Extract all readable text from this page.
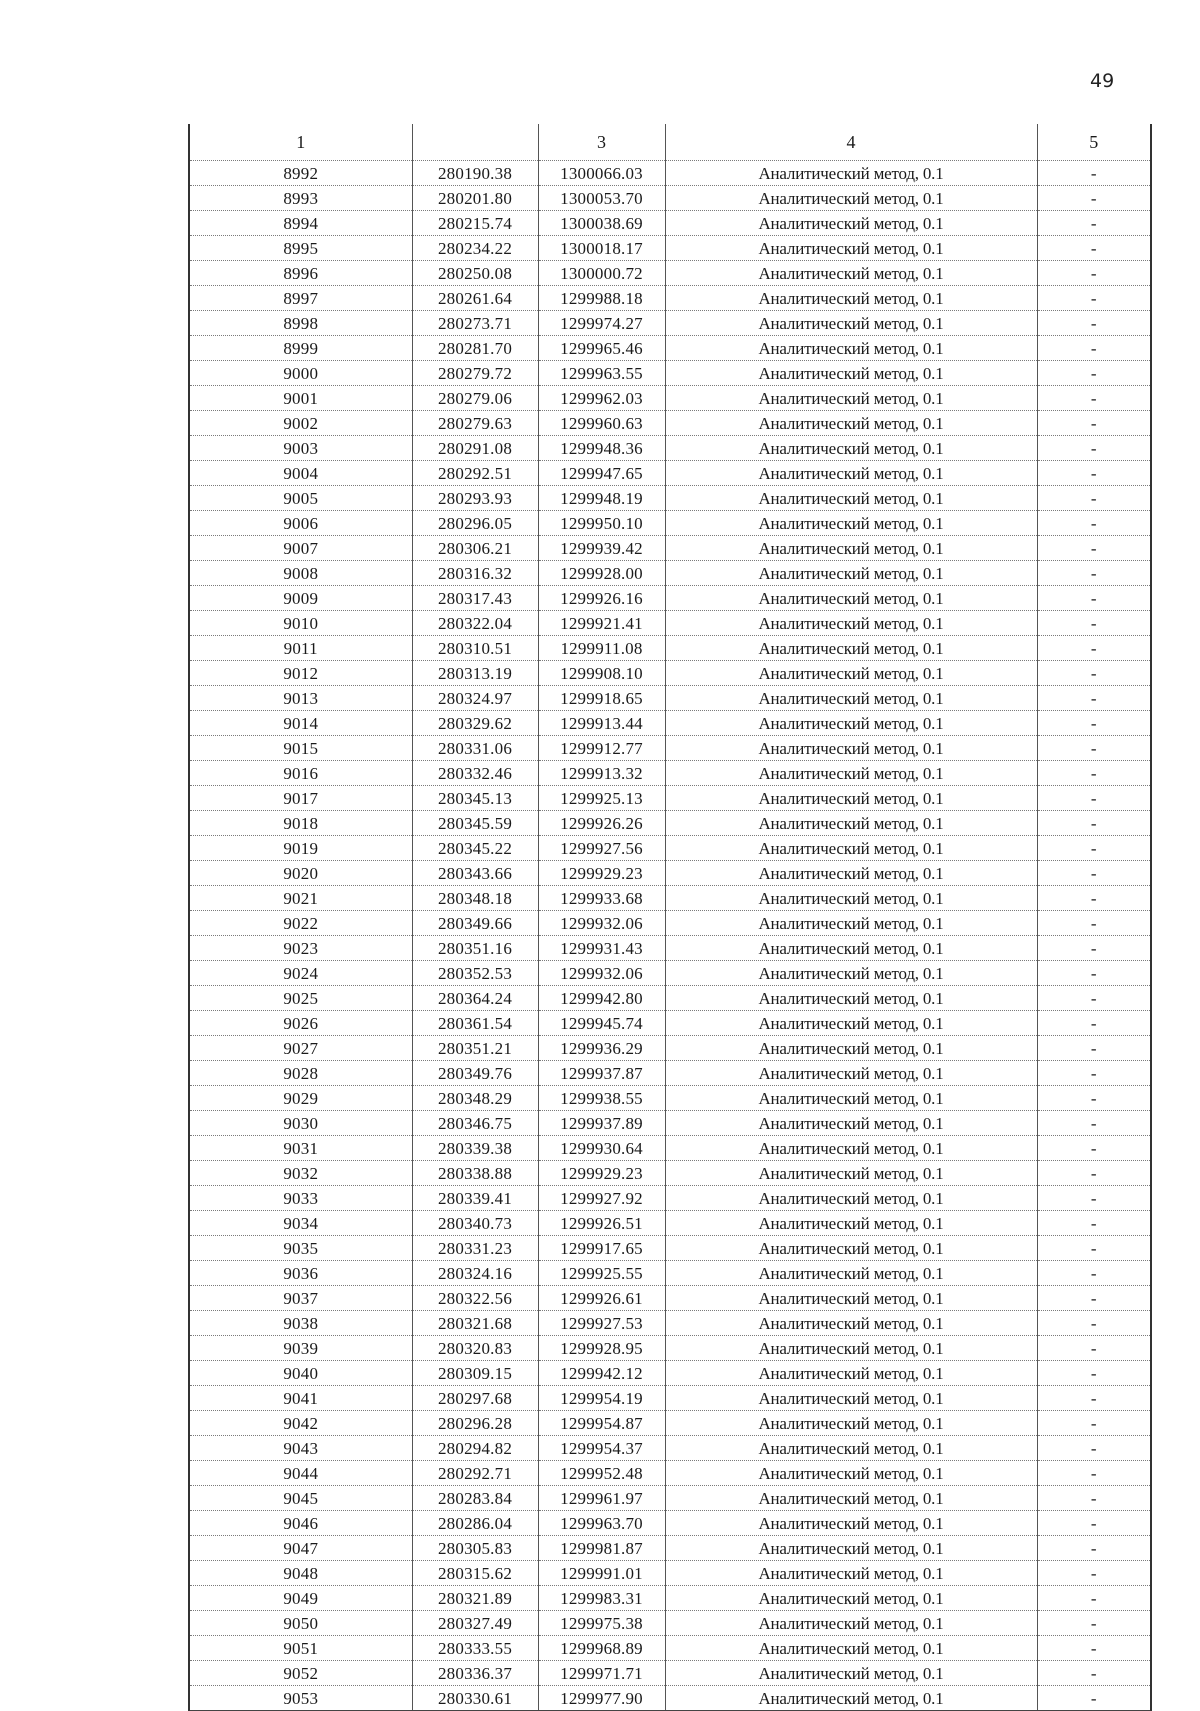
49
1		3	4	5
8992	280190.38	1300066.03	Аналитический метод, 0.1	-
8993	280201.80	1300053.70	Аналитический метод, 0.1	-
8994	280215.74	1300038.69	Аналитический метод, 0.1	-
8995	280234.22	1300018.17	Аналитический метод, 0.1	-
8996	280250.08	1300000.72	Аналитический метод, 0.1	-
8997	280261.64	1299988.18	Аналитический метод, 0.1	-
8998	280273.71	1299974.27	Аналитический метод, 0.1	-
8999	280281.70	1299965.46	Аналитический метод, 0.1	-
9000	280279.72	1299963.55	Аналитический метод, 0.1	-
9001	280279.06	1299962.03	Аналитический метод, 0.1	-
9002	280279.63	1299960.63	Аналитический метод, 0.1	-
9003	280291.08	1299948.36	Аналитический метод, 0.1	-
9004	280292.51	1299947.65	Аналитический метод, 0.1	-
9005	280293.93	1299948.19	Аналитический метод, 0.1	-
9006	280296.05	1299950.10	Аналитический метод, 0.1	-
9007	280306.21	1299939.42	Аналитический метод, 0.1	-
9008	280316.32	1299928.00	Аналитический метод, 0.1	-
9009	280317.43	1299926.16	Аналитический метод, 0.1	-
9010	280322.04	1299921.41	Аналитический метод, 0.1	-
9011	280310.51	1299911.08	Аналитический метод, 0.1	-
9012	280313.19	1299908.10	Аналитический метод, 0.1	-
9013	280324.97	1299918.65	Аналитический метод, 0.1	-
9014	280329.62	1299913.44	Аналитический метод, 0.1	-
9015	280331.06	1299912.77	Аналитический метод, 0.1	-
9016	280332.46	1299913.32	Аналитический метод, 0.1	-
9017	280345.13	1299925.13	Аналитический метод, 0.1	-
9018	280345.59	1299926.26	Аналитический метод, 0.1	-
9019	280345.22	1299927.56	Аналитический метод, 0.1	-
9020	280343.66	1299929.23	Аналитический метод, 0.1	-
9021	280348.18	1299933.68	Аналитический метод, 0.1	-
9022	280349.66	1299932.06	Аналитический метод, 0.1	-
9023	280351.16	1299931.43	Аналитический метод, 0.1	-
9024	280352.53	1299932.06	Аналитический метод, 0.1	-
9025	280364.24	1299942.80	Аналитический метод, 0.1	-
9026	280361.54	1299945.74	Аналитический метод, 0.1	-
9027	280351.21	1299936.29	Аналитический метод, 0.1	-
9028	280349.76	1299937.87	Аналитический метод, 0.1	-
9029	280348.29	1299938.55	Аналитический метод, 0.1	-
9030	280346.75	1299937.89	Аналитический метод, 0.1	-
9031	280339.38	1299930.64	Аналитический метод, 0.1	-
9032	280338.88	1299929.23	Аналитический метод, 0.1	-
9033	280339.41	1299927.92	Аналитический метод, 0.1	-
9034	280340.73	1299926.51	Аналитический метод, 0.1	-
9035	280331.23	1299917.65	Аналитический метод, 0.1	-
9036	280324.16	1299925.55	Аналитический метод, 0.1	-
9037	280322.56	1299926.61	Аналитический метод, 0.1	-
9038	280321.68	1299927.53	Аналитический метод, 0.1	-
9039	280320.83	1299928.95	Аналитический метод, 0.1	-
9040	280309.15	1299942.12	Аналитический метод, 0.1	-
9041	280297.68	1299954.19	Аналитический метод, 0.1	-
9042	280296.28	1299954.87	Аналитический метод, 0.1	-
9043	280294.82	1299954.37	Аналитический метод, 0.1	-
9044	280292.71	1299952.48	Аналитический метод, 0.1	-
9045	280283.84	1299961.97	Аналитический метод, 0.1	-
9046	280286.04	1299963.70	Аналитический метод, 0.1	-
9047	280305.83	1299981.87	Аналитический метод, 0.1	-
9048	280315.62	1299991.01	Аналитический метод, 0.1	-
9049	280321.89	1299983.31	Аналитический метод, 0.1	-
9050	280327.49	1299975.38	Аналитический метод, 0.1	-
9051	280333.55	1299968.89	Аналитический метод, 0.1	-
9052	280336.37	1299971.71	Аналитический метод, 0.1	-
9053	280330.61	1299977.90	Аналитический метод, 0.1	-
